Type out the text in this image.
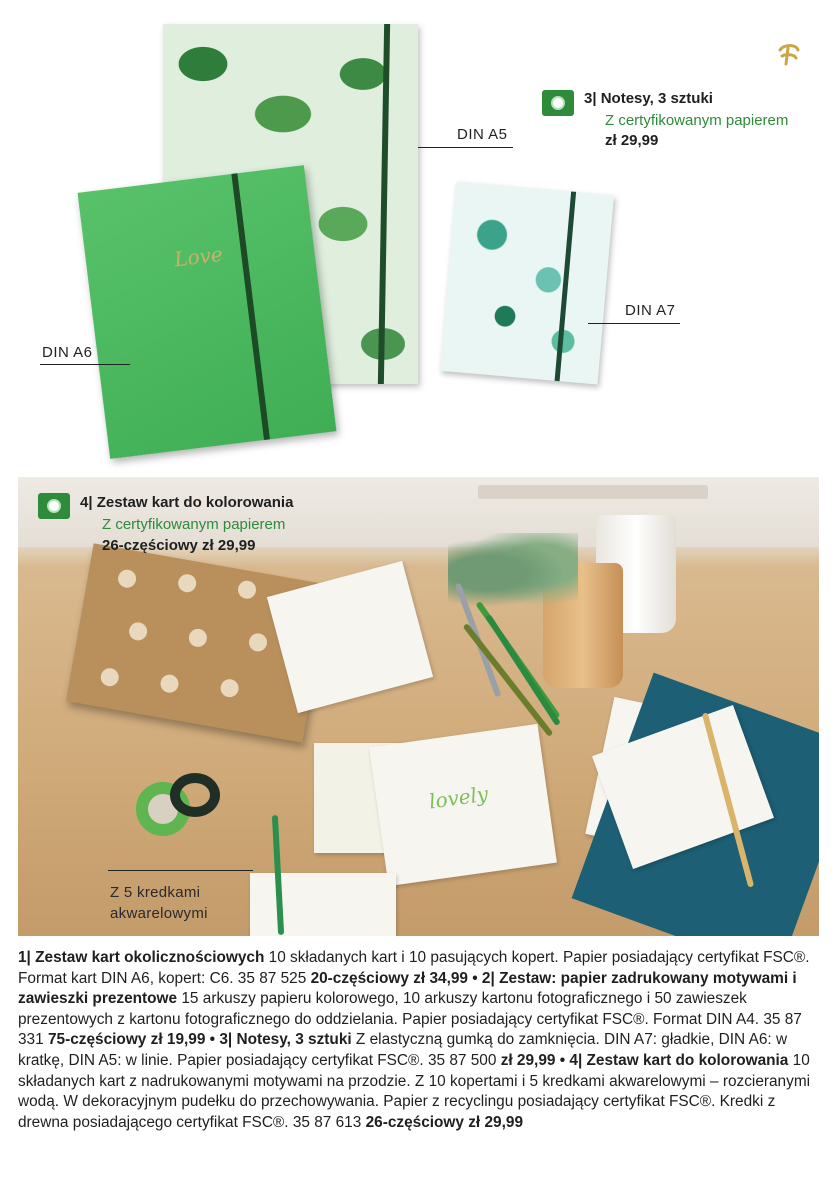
Love
DIN A5
DIN A6
DIN A7
3| Notesy, 3 sztuki
Z certyfikowanym papierem
zł 29,99
lovely
4| Zestaw kart do kolorowania
Z certyfikowanym papierem
26-częściowy zł 29,99
Z 5 kredkami
akwarelowymi
1| Zestaw kart okolicznościowych 10 składanych kart i 10 pasujących kopert. Papier posiadający certyfikat FSC®. Format kart DIN A6, kopert: C6. 35 87 525 20-częściowy zł 34,99 • 2| Zestaw: papier zadrukowany motywami i zawieszki prezentowe 15 arkuszy papieru kolorowego, 10 arkuszy kartonu fotograficznego i 50 zawieszek prezentowych z kartonu fotograficznego do oddzielania. Papier posiadający certyfikat FSC®. Format DIN A4. 35 87 331 75-częściowy zł 19,99 • 3| Notesy, 3 sztuki Z elastyczną gumką do zamknięcia. DIN A7: gładkie, DIN A6: w kratkę, DIN A5: w linie. Papier posiadający certyfikat FSC®. 35 87 500 zł 29,99 • 4| Zestaw kart do kolorowania 10 składanych kart z nadrukowanymi motywami na przodzie. Z 10 kopertami i 5 kredkami akwarelowymi – rozcieranymi wodą. W dekoracyjnym pudełku do przechowywania. Papier z recyclingu posiadający certyfikat FSC®. Kredki z drewna posiadającego certyfikat FSC®. 35 87 613 26-częściowy zł 29,99
